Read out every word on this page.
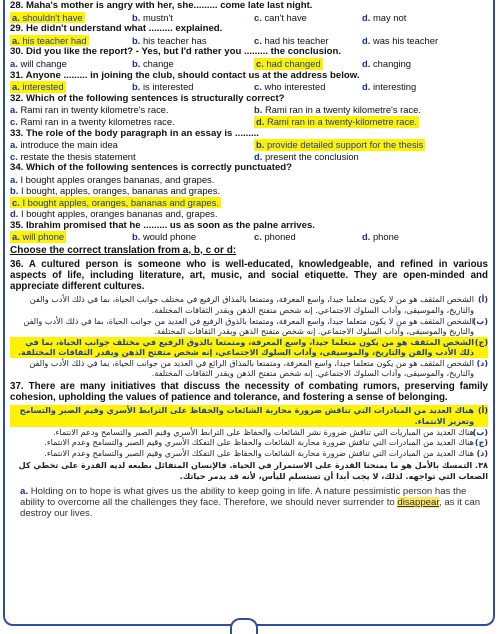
28. Maha's mother is angry with her, she......... come late last night.
a. shouldn't have	b. mustn't	c. can't have	d. may not
29. He didn't understand what ......... explained.
a. his teacher had	b. his teacher has	c. had his teacher	d. was his teacher
30. Did you like the report? - Yes, but I'd rather you ......... the conclusion.
a. will change	b. change	c. had changed	d. changing
31. Anyone ......... in joining the club, should contact us at the address below.
a. interested	b. is interested	c. who interested	d. interesting
32. Which of the following sentences is structurally correct?
a. Rami ran in twenty kilometre's race.	b. Rami ran in a twenty kilometre's race.
c. Rami ran in a twenty kilometres race.	d. Rami ran in a twenty-kilometre race.
33. The role of the body paragraph in an essay is .........
a. introduce the main idea	b. provide detailed support for the thesis
c. restate the thesis statement	d. present the conclusion
34. Which of the following sentences is correctly punctuated?
a. I bought apples oranges bananas, and grapes.
b. I bought, apples, oranges, bananas and grapes.
c. I bought apples, oranges, bananas and grapes.
d. I bought apples, oranges bananas and, grapes.
35. Ibrahim promised that he ......... us as soon as the palne arrives.
a. will phone	b. would phone	c. phoned	d. phone
Choose the correct translation from a, b, c or d:
36. A cultured person is someone who is well-educated, knowledgeable, and refined in various aspects of life, including literature, art, music, and social etiquette. They are open-minded and appreciate different cultures.
(أ)
الشخص المثقف هو من لا يكون متعلما جيدا، واسع المعرفة، ومتمتعا بالمذاق الرفيع في مختلف جوانب الحياة، بما في ذلك الأدب والفن والتاريخ، والموسيقى، وآداب السلوك الاجتماعي. إنه شخص متفتح الذهن ويقدر الثقافات المختلفة.
(ب)
الشخص المثقف هو من لا يكون متعلما جيدا، واسع المعرفة، ومتمتعا بالذوق الرفيع في العديد من جوانب الحياة، بما في ذلك الأدب والفن والتاريخ والموسيقى، وآداب السلوك الاجتماعي. إنه شخص متفتح الذهن ويقدر الثقافات المختلفة.
(ج)
الشخص المثقف هو من يكون متعلما جيدا، واسع المعرفة، ومتمتعا بالذوق الرفيع في مختلف جوانب الحياة، بما في ذلك الأدب والفن والتاريخ، والموسيقى، وآداب السلوك الاجتماعي، إنه شخص متفتح الذهن ويقدر الثقافات المختلفة.
(د)
الشخص المثقف هو من يكون متعلما جيدا، واسع المعرفة، ومتمتعا بالمذاق الرائع في العديد من جوانب الحياة، بما في ذلك الأدب والفن والتاريخ، والموسيقى، وآداب السلوك الاجتماعي. إنه شخص متفتح الذهن ويقدر الثقافات المختلفة.
37. There are many initiatives that discuss the necessity of combating rumors, preserving family cohesion, upholding the values of patience and tolerance, and fostering a sense of belonging.
(أ)
هناك العديد من المبادرات التي تناقش ضرورة محاربة الشائعات والحفاظ على الترابط الأسري وقيم الصبر والتسامح وتعزيز الانتماء.
(ب)
هناك العديد من المباريات التي تناقش ضرورة نشر الشائعات والحفاظ على الترابط الأسري وقيم الصبر والتسامح ودعم الانتماء.
(ج)
هناك العديد من المبادرات التي تناقش ضرورة محاربة الشائعات والحفاظ على التفكك الأسري وقيم الصبر والتسامح وعدم الانتماء.
(د)
هناك العديد من المبادرات التي تناقش ضرورة محاربة الشائعات والحفاظ على التفكك الأسري وقيم الصبر والتسامح وعدم الانتماء.
٣٨. التمسك بالأمل هو ما يمنحنا القدرة على الاستمرار في الحياة. فالإنسان المتفائل بطبعه لديه القدرة على تخطي كل الصعاب التي تواجهه. لذلك، لا يجب أبدا أن تستسلم لليأس، لأنه قد يدمر حياتك.
a. Holding on to hope is what gives us the ability to keep going in life. A nature pessimistic person has the ability to overcome all the challenges they face. Therefore, we should never surrender to disappear, as it can destroy our lives.
